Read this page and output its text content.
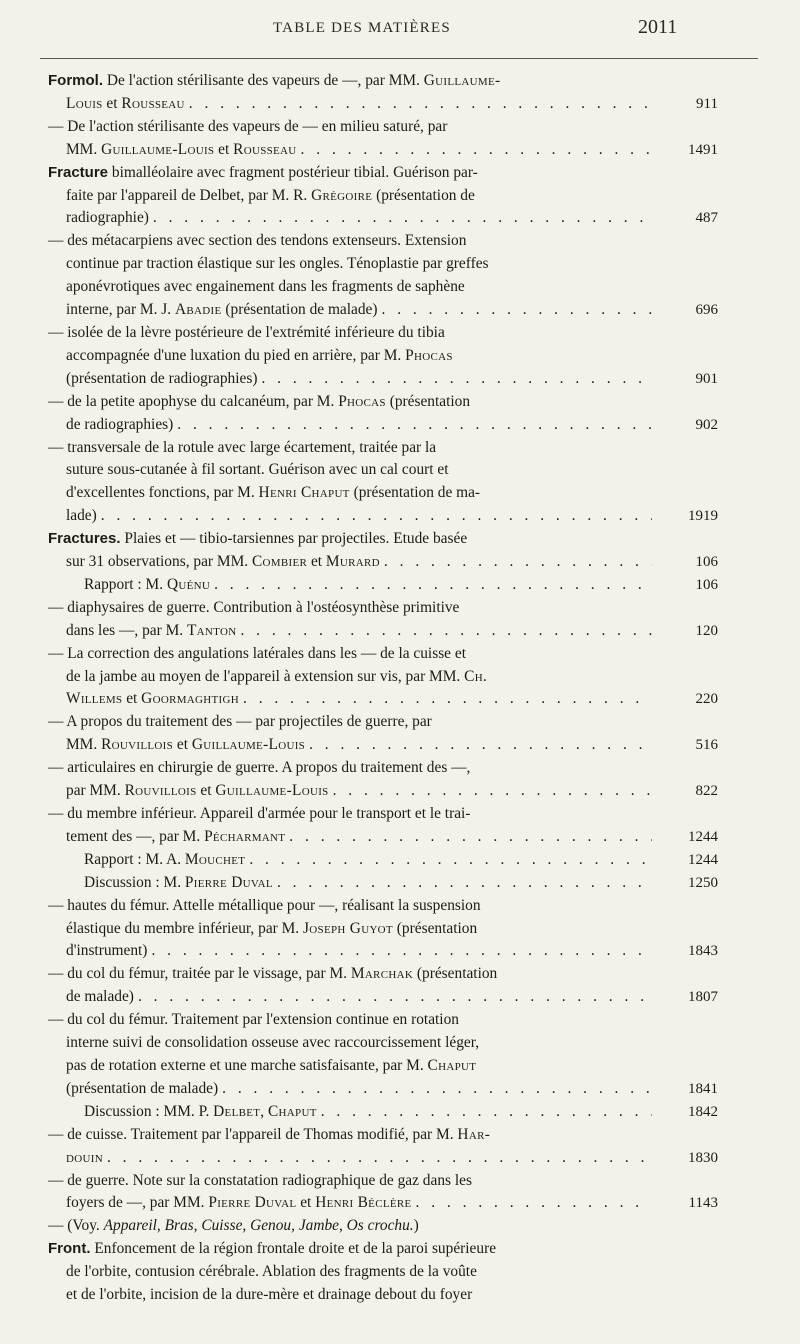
TABLE DES MATIÈRES	2011
Formol. De l'action stérilisante des vapeurs de —, par MM. Guillaume-
Louis et Rousseau . . .	911
— De l'action stérilisante des vapeurs de — en milieu saturé, par
MM. Guillaume-Louis et Rousseau . . .	1491
Fracture bimalléolaire avec fragment postérieur tibial. Guérison par-
faite par l'appareil de Delbet, par M. R. Grégoire (présentation de
radiographie) . . .	487
— des métacarpiens avec section des tendons extenseurs. Extension
continue par traction élastique sur les ongles. Ténoplastie par greffes
aponévrotiques avec engainement dans les fragments de saphène
interne, par M. J. Abadie (présentation de malade) . . .	696
— isolée de la lèvre postérieure de l'extrémité inférieure du tibia
accompagnée d'une luxation du pied en arrière, par M. Phocas
(présentation de radiographies) . . .	901
— de la petite apophyse du calcanéum, par M. Phocas (présentation
de radiographies) . . .	902
— transversale de la rotule avec large écartement, traitée par la
suture sous-cutanée à fil sortant. Guérison avec un cal court et
d'excellentes fonctions, par M. Henri Chaput (présentation de ma-
lade) . . .	1919
Fractures. Plaies et — tibio-tarsiennes par projectiles. Etude basée
sur 31 observations, par MM. Combier et Murard . . .	106
Rapport : M. Quénu . . .	106
— diaphysaires de guerre. Contribution à l'ostéosynthèse primitive
dans les —, par M. Tanton . . .	120
— La correction des angulations latérales dans les — de la cuisse et
de la jambe au moyen de l'appareil à extension sur vis, par MM. Ch.
Willems et Goormaghtigh . . .	220
— A propos du traitement des — par projectiles de guerre, par
MM. Rouvillois et Guillaume-Louis . . .	516
— articulaires en chirurgie de guerre. A propos du traitement des —,
par MM. Rouvillois et Guillaume-Louis . . .	822
— du membre inférieur. Appareil d'armée pour le transport et le trai-
tement des —, par M. Pécharmant . . .	1244
Rapport : M. A. Mouchet . . .	1244
Discussion : M. Pierre Duval . . .	1250
— hautes du fémur. Attelle métallique pour —, réalisant la suspension
élastique du membre inférieur, par M. Joseph Guyot (présentation
d'instrument) . . .	1843
— du col du fémur, traitée par le vissage, par M. Marchak (présentation
de malade) . . .	1807
— du col du fémur. Traitement par l'extension continue en rotation
interne suivi de consolidation osseuse avec raccourcissement léger,
pas de rotation externe et une marche satisfaisante, par M. Chaput
(présentation de malade) . . .	1841
Discussion : MM. P. Delbet, Chaput . . .	1842
— de cuisse. Traitement par l'appareil de Thomas modifié, par M. Har-
douin . . .	1830
— de guerre. Note sur la constatation radiographique de gaz dans les
foyers de —, par MM. Pierre Duval et Henri Béclère . . .	1143
— (Voy. Appareil, Bras, Cuisse, Genou, Jambe, Os crochu.)
Front. Enfoncement de la région frontale droite et de la paroi supérieure
de l'orbite, contusion cérébrale. Ablation des fragments de la voûte
et de l'orbite, incision de la dure-mère et drainage debout du foyer
